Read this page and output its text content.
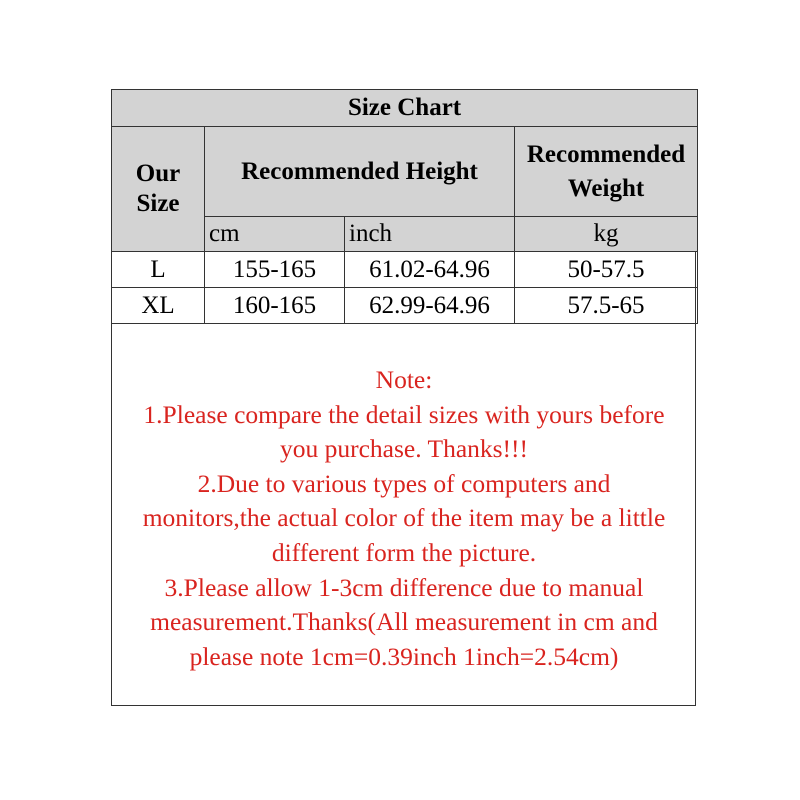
Size Chart			
Our Size	Recommended Height		Recommended Weight
	cm	inch	kg
L	155-165	61.02-64.96	50-57.5
XL	160-165	62.99-64.96	57.5-65
Note:
1.Please compare the detail sizes with yours before
you purchase. Thanks!!!
2.Due to various types of computers and
monitors,the actual color of the item may be a little
different form the picture.
3.Please allow 1-3cm difference due to manual
measurement.Thanks(All measurement in cm and
please note 1cm=0.39inch 1inch=2.54cm)
